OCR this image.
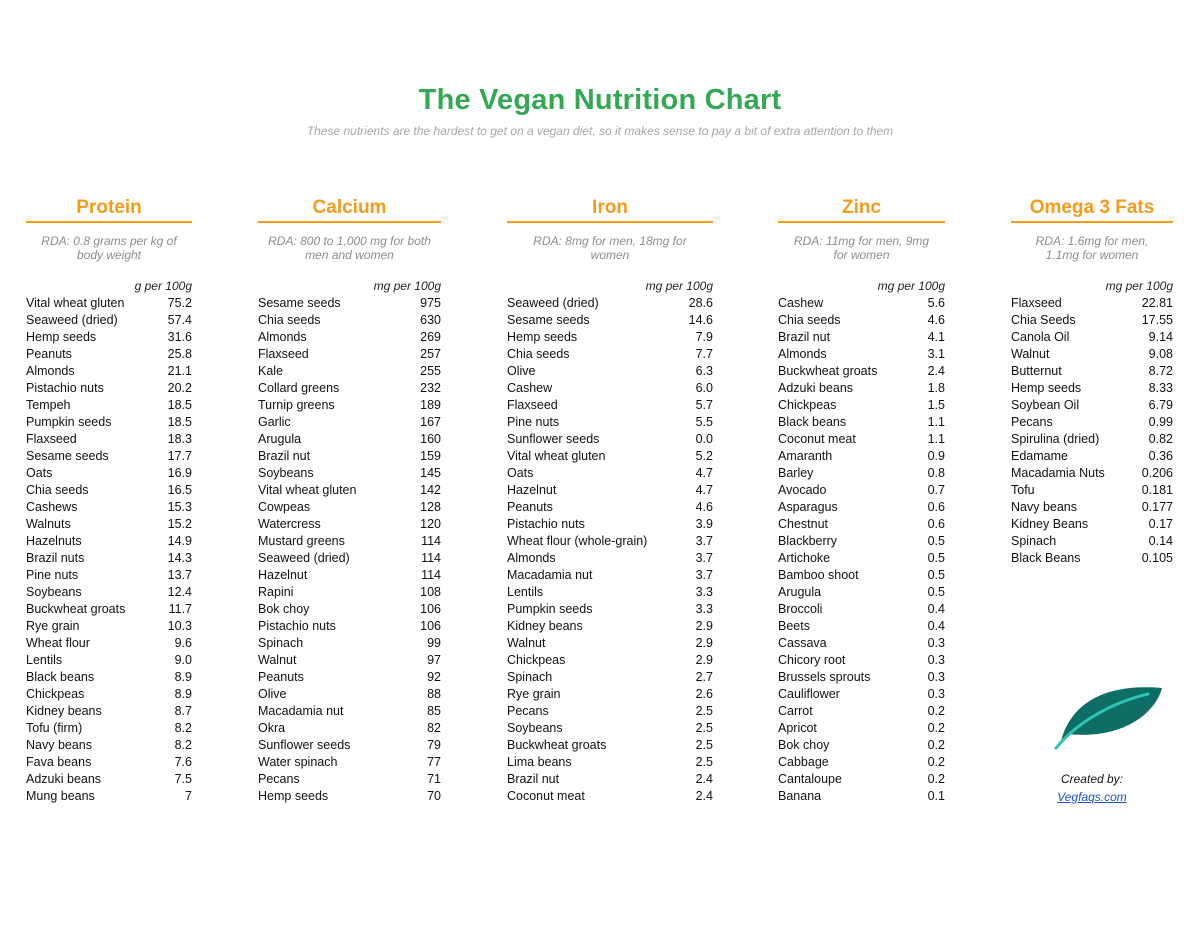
The Vegan Nutrition Chart
These nutrients are the hardest to get on a vegan diet, so it makes sense to pay a bit of extra attention to them
Protein
RDA: 0.8 grams per kg of body weight
g per 100g
Vital wheat gluten	75.2
Seaweed (dried)	57.4
Hemp seeds	31.6
Peanuts	25.8
Almonds	21.1
Pistachio nuts	20.2
Tempeh	18.5
Pumpkin seeds	18.5
Flaxseed	18.3
Sesame seeds	17.7
Oats	16.9
Chia seeds	16.5
Cashews	15.3
Walnuts	15.2
Hazelnuts	14.9
Brazil nuts	14.3
Pine nuts	13.7
Soybeans	12.4
Buckwheat groats	11.7
Rye grain	10.3
Wheat flour	9.6
Lentils	9.0
Black beans	8.9
Chickpeas	8.9
Kidney beans	8.7
Tofu (firm)	8.2
Navy beans	8.2
Fava beans	7.6
Adzuki beans	7.5
Mung beans	7
Calcium
RDA: 800 to 1,000 mg for both men and women
mg per 100g
Sesame seeds	975
Chia seeds	630
Almonds	269
Flaxseed	257
Kale	255
Collard greens	232
Turnip greens	189
Garlic	167
Arugula	160
Brazil nut	159
Soybeans	145
Vital wheat gluten	142
Cowpeas	128
Watercress	120
Mustard greens	114
Seaweed (dried)	114
Hazelnut	114
Rapini	108
Bok choy	106
Pistachio nuts	106
Spinach	99
Walnut	97
Peanuts	92
Olive	88
Macadamia nut	85
Okra	82
Sunflower seeds	79
Water spinach	77
Pecans	71
Hemp seeds	70
Iron
RDA: 8mg for men, 18mg for women
mg per 100g
Seaweed (dried)	28.6
Sesame seeds	14.6
Hemp seeds	7.9
Chia seeds	7.7
Olive	6.3
Cashew	6.0
Flaxseed	5.7
Pine nuts	5.5
Sunflower seeds	0.0
Vital wheat gluten	5.2
Oats	4.7
Hazelnut	4.7
Peanuts	4.6
Pistachio nuts	3.9
Wheat flour (whole-grain)	3.7
Almonds	3.7
Macadamia nut	3.7
Lentils	3.3
Pumpkin seeds	3.3
Kidney beans	2.9
Walnut	2.9
Chickpeas	2.9
Spinach	2.7
Rye grain	2.6
Pecans	2.5
Soybeans	2.5
Buckwheat groats	2.5
Lima beans	2.5
Brazil nut	2.4
Coconut meat	2.4
Zinc
RDA: 11mg for men, 9mg for women
mg per 100g
Cashew	5.6
Chia seeds	4.6
Brazil nut	4.1
Almonds	3.1
Buckwheat groats	2.4
Adzuki beans	1.8
Chickpeas	1.5
Black beans	1.1
Coconut meat	1.1
Amaranth	0.9
Barley	0.8
Avocado	0.7
Asparagus	0.6
Chestnut	0.6
Blackberry	0.5
Artichoke	0.5
Bamboo shoot	0.5
Arugula	0.5
Broccoli	0.4
Beets	0.4
Cassava	0.3
Chicory root	0.3
Brussels sprouts	0.3
Cauliflower	0.3
Carrot	0.2
Apricot	0.2
Bok choy	0.2
Cabbage	0.2
Cantaloupe	0.2
Banana	0.1
Omega 3 Fats
RDA: 1.6mg for men, 1.1mg for women
mg per 100g
Flaxseed	22.81
Chia Seeds	17.55
Canola Oil	9.14
Walnut	9.08
Butternut	8.72
Hemp seeds	8.33
Soybean Oil	6.79
Pecans	0.99
Spirulina (dried)	0.82
Edamame	0.36
Macadamia Nuts	0.206
Tofu	0.181
Navy beans	0.177
Kidney Beans	0.17
Spinach	0.14
Black Beans	0.105
Created by:
Vegfaqs.com
